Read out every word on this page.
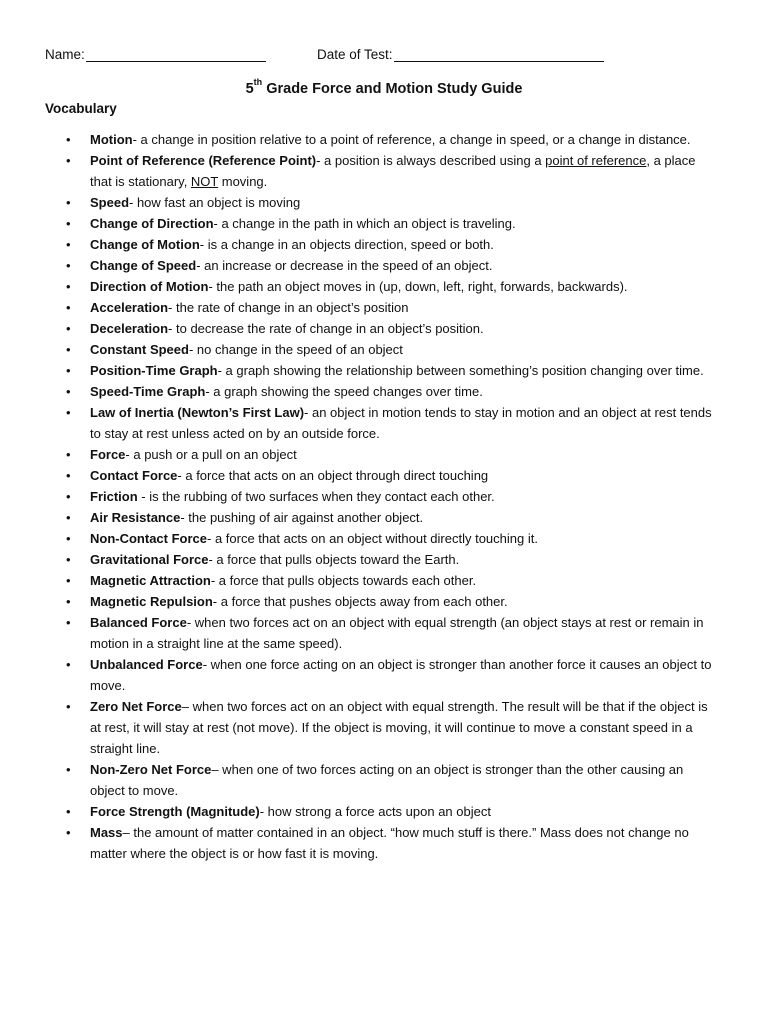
Name:	Date of Test:
5th Grade Force and Motion Study Guide
Vocabulary
• Motion- a change in position relative to a point of reference, a change in speed, or a change in distance.
• Point of Reference (Reference Point)- a position is always described using a point of reference, a place that is stationary, NOT moving.
• Speed- how fast an object is moving
• Change of Direction- a change in the path in which an object is traveling.
• Change of Motion- is a change in an objects direction, speed or both.
• Change of Speed- an increase or decrease in the speed of an object.
• Direction of Motion- the path an object moves in (up, down, left, right, forwards, backwards).
• Acceleration- the rate of change in an object’s position
• Deceleration- to decrease the rate of change in an object’s position.
• Constant Speed- no change in the speed of an object
• Position-Time Graph- a graph showing the relationship between something’s position changing over time.
• Speed-Time Graph- a graph showing the speed changes over time.
• Law of Inertia (Newton’s First Law)- an object in motion tends to stay in motion and an object at rest tends to stay at rest unless acted on by an outside force.
• Force- a push or a pull on an object
• Contact Force- a force that acts on an object through direct touching
• Friction - is the rubbing of two surfaces when they contact each other.
• Air Resistance- the pushing of air against another object.
• Non-Contact Force- a force that acts on an object without directly touching it.
• Gravitational Force- a force that pulls objects toward the Earth.
• Magnetic Attraction- a force that pulls objects towards each other.
• Magnetic Repulsion- a force that pushes objects away from each other.
• Balanced Force- when two forces act on an object with equal strength (an object stays at rest or remain in motion in a straight line at the same speed).
• Unbalanced Force- when one force acting on an object is stronger than another force it causes an object to move.
• Zero Net Force– when two forces act on an object with equal strength. The result will be that if the object is at rest, it will stay at rest (not move). If the object is moving, it will continue to move a constant speed in a straight line.
• Non-Zero Net Force– when one of two forces acting on an object is stronger than the other causing an object to move.
• Force Strength (Magnitude)- how strong a force acts upon an object
• Mass– the amount of matter contained in an object. “how much stuff is there.” Mass does not change no matter where the object is or how fast it is moving.
